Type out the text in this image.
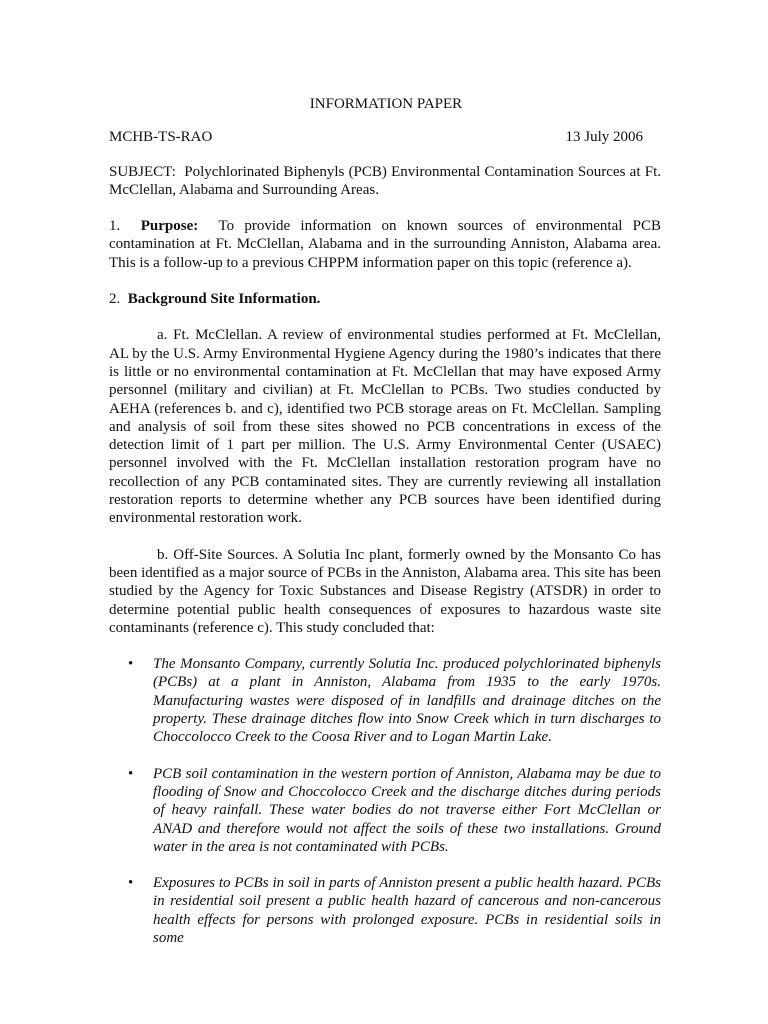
INFORMATION PAPER

MCHB-TS-RAO	13 July 2006

SUBJECT: Polychlorinated Biphenyls (PCB) Environmental Contamination Sources at Ft. McClellan, Alabama and Surrounding Areas.

1. Purpose: To provide information on known sources of environmental PCB contamination at Ft. McClellan, Alabama and in the surrounding Anniston, Alabama area. This is a follow-up to a previous CHPPM information paper on this topic (reference a).

2. Background Site Information.

a. Ft. McClellan. A review of environmental studies performed at Ft. McClellan, AL by the U.S. Army Environmental Hygiene Agency during the 1980’s indicates that there is little or no environmental contamination at Ft. McClellan that may have exposed Army personnel (military and civilian) at Ft. McClellan to PCBs. Two studies conducted by AEHA (references b. and c), identified two PCB storage areas on Ft. McClellan. Sampling and analysis of soil from these sites showed no PCB concentrations in excess of the detection limit of 1 part per million. The U.S. Army Environmental Center (USAEC) personnel involved with the Ft. McClellan installation restoration program have no recollection of any PCB contaminated sites. They are currently reviewing all installation restoration reports to determine whether any PCB sources have been identified during environmental restoration work.

b. Off-Site Sources. A Solutia Inc plant, formerly owned by the Monsanto Co has been identified as a major source of PCBs in the Anniston, Alabama area. This site has been studied by the Agency for Toxic Substances and Disease Registry (ATSDR) in order to determine potential public health consequences of exposures to hazardous waste site contaminants (reference c). This study concluded that:

• The Monsanto Company, currently Solutia Inc. produced polychlorinated biphenyls (PCBs) at a plant in Anniston, Alabama from 1935 to the early 1970s. Manufacturing wastes were disposed of in landfills and drainage ditches on the property. These drainage ditches flow into Snow Creek which in turn discharges to Choccolocco Creek to the Coosa River and to Logan Martin Lake.
• PCB soil contamination in the western portion of Anniston, Alabama may be due to flooding of Snow and Choccolocco Creek and the discharge ditches during periods of heavy rainfall. These water bodies do not traverse either Fort McClellan or ANAD and therefore would not affect the soils of these two installations. Ground water in the area is not contaminated with PCBs.
• Exposures to PCBs in soil in parts of Anniston present a public health hazard. PCBs in residential soil present a public health hazard of cancerous and non-cancerous health effects for persons with prolonged exposure. PCBs in residential soils in some
